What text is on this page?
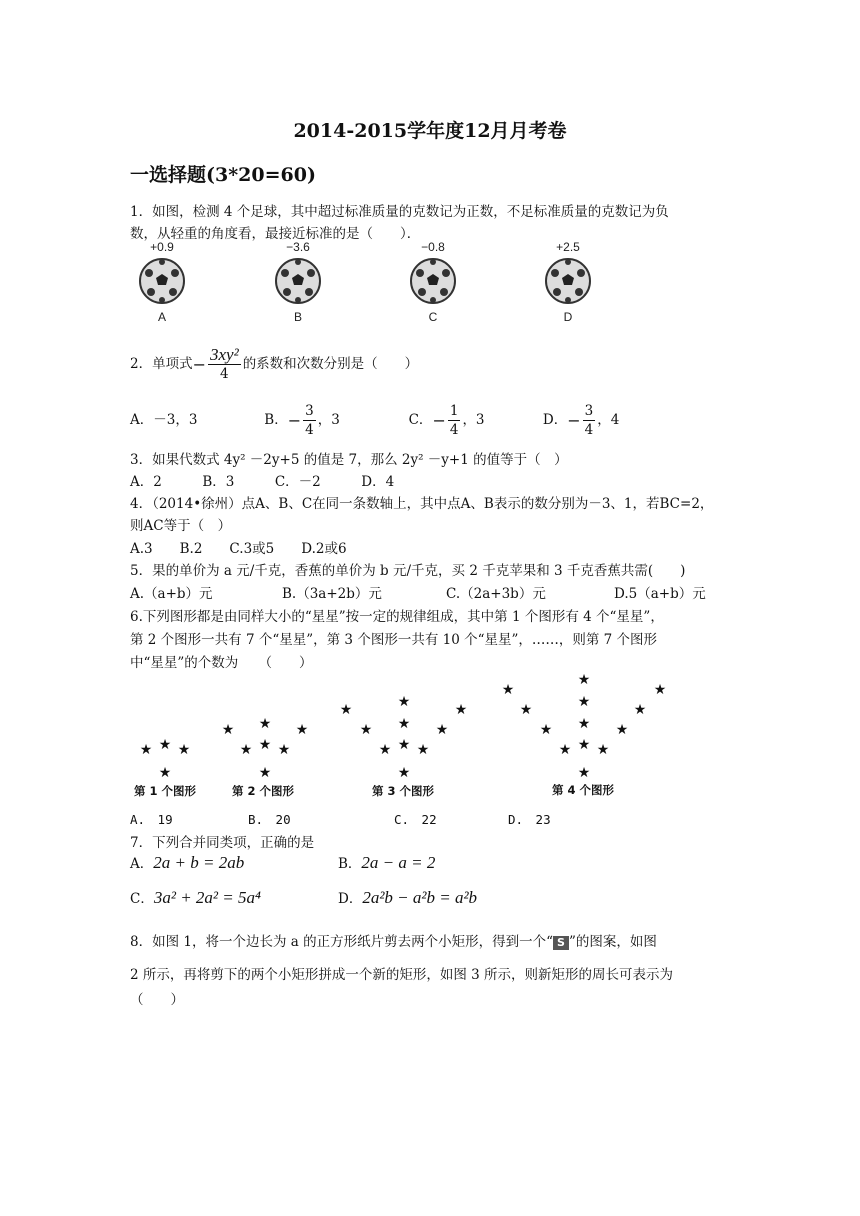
2014-2015学年度12月月考卷
一选择题(3*20=60)
1．如图，检测 4 个足球，其中超过标准质量的克数记为正数，不足标准质量的克数记为负
数，从轻重的角度看，最接近标准的是（　　）．
+0.9
A
−3.6
B
−0.8
C
+2.5
D
2．单项式− $\frac{\text{3xy²}}{4}$ 的系数和次数分别是（　　）
A．－3，3	B．− $\frac{3}{4}$ ，3	C．− $\frac{1}{4}$ ，3	D．− $\frac{3}{4}$ ，4
3．如果代数式 4y² －2y+5 的值是 7，那么 2y² －y+1 的值等于（　）
A．2　　　B．3　　　C．－2　　　D．4
4．（2014•徐州）点A、B、C在同一条数轴上，其中点A、B表示的数分别为－3、1，若BC=2，
则AC等于（　）
A.3　　B.2　　C.3或5　　D.2或6
5．果的单价为 a 元/千克，香蕉的单价为 b 元/千克，买 2 千克苹果和 3 千克香蕉共需(　　)
A.（a+b）元	B.（3a+2b）元	C.（2a+3b）元	D.5（a+b）元
6.下列图形都是由同样大小的“星星”按一定的规律组成，其中第 1 个图形有 4 个“星星”，
第 2 个图形一共有 7 个“星星”，第 3 个图形一共有 10 个“星星”，……，则第 7 个图形
中“星星”的个数为　　（　　）
★ ★ ★
★
★
★
★
★ ★
★
★
★
★
★
★
★
★ ★
★
★
★
★
★
★
★
★
★
★
★ ★
★
★
★
★
第 1 个图形	第 2 个图形	第 3 个图形	第 4 个图形
A.　19	B.　20	C.　22	D.　23
7．下列合并同类项，正确的是
A．2a + b = 2ab	B．2a − a = 2
C．3a² + 2a² = 5a⁴	D．2a²b − a²b = a²b
8．如图 1，将一个边长为 a 的正方形纸片剪去两个小矩形，得到一个“ S ”的图案，如图
2 所示，再将剪下的两个小矩形拼成一个新的矩形，如图 3 所示，则新矩形的周长可表示为
（　　）
